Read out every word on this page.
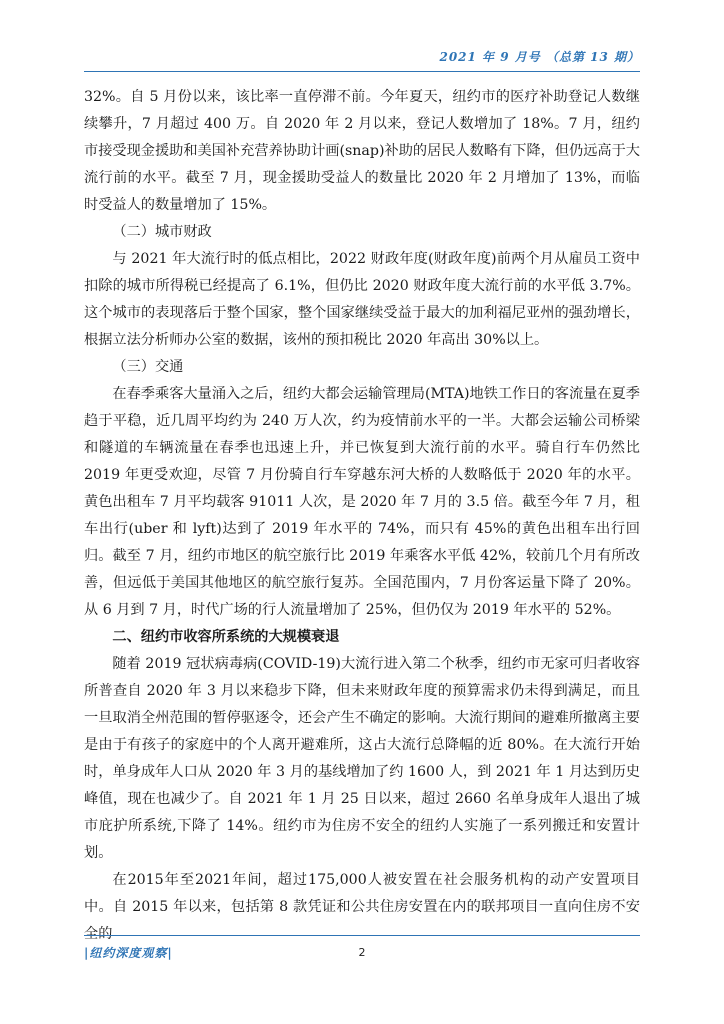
2021 年 9 月号 （总第 13 期）

32%。自 5 月份以来，该比率一直停滞不前。今年夏天，纽约市的医疗补助登记人数继续攀升，7 月超过 400 万。自 2020 年 2 月以来，登记人数增加了 18%。7 月，纽约市接受现金援助和美国补充营养协助计画(snap)补助的居民人数略有下降，但仍远高于大流行前的水平。截至 7 月，现金援助受益人的数量比 2020 年 2 月增加了 13%，而临时受益人的数量增加了 15%。

（二）城市财政

与 2021 年大流行时的低点相比，2022 财政年度(财政年度)前两个月从雇员工资中扣除的城市所得税已经提高了 6.1%，但仍比 2020 财政年度大流行前的水平低 3.7%。这个城市的表现落后于整个国家，整个国家继续受益于最大的加利福尼亚州的强劲增长，根据立法分析师办公室的数据，该州的预扣税比 2020 年高出 30%以上。

（三）交通

在春季乘客大量涌入之后，纽约大都会运输管理局(MTA)地铁工作日的客流量在夏季趋于平稳，近几周平均约为 240 万人次，约为疫情前水平的一半。大都会运输公司桥梁和隧道的车辆流量在春季也迅速上升，并已恢复到大流行前的水平。骑自行车仍然比 2019 年更受欢迎，尽管 7 月份骑自行车穿越东河大桥的人数略低于 2020 年的水平。黄色出租车 7 月平均载客 91011 人次，是 2020 年 7 月的 3.5 倍。截至今年 7 月，租车出行(uber 和 lyft)达到了 2019 年水平的 74%，而只有 45%的黄色出租车出行回归。截至 7 月，纽约市地区的航空旅行比 2019 年乘客水平低 42%，较前几个月有所改善，但远低于美国其他地区的航空旅行复苏。全国范围内，7 月份客运量下降了 20%。从 6 月到 7 月，时代广场的行人流量增加了 25%，但仍仅为 2019 年水平的 52%。

二、纽约市收容所系统的大规模衰退

随着 2019 冠状病毒病(COVID-19)大流行进入第二个秋季，纽约市无家可归者收容所普查自 2020 年 3 月以来稳步下降，但未来财政年度的预算需求仍未得到满足，而且一旦取消全州范围的暂停驱逐令，还会产生不确定的影响。大流行期间的避难所撤离主要是由于有孩子的家庭中的个人离开避难所，这占大流行总降幅的近 80%。在大流行开始时，单身成年人口从 2020 年 3 月的基线增加了约 1600 人，到 2021 年 1 月达到历史峰值，现在也减少了。自 2021 年 1 月 25 日以来，超过 2660 名单身成年人退出了城市庇护所系统,下降了 14%。纽约市为住房不安全的纽约人实施了一系列搬迁和安置计划。

在2015年至2021年间，超过175,000人被安置在社会服务机构的动产安置项目中。自 2015 年以来，包括第 8 款凭证和公共住房安置在内的联邦项目一直向住房不安全的

|纽约深度观察|	2
